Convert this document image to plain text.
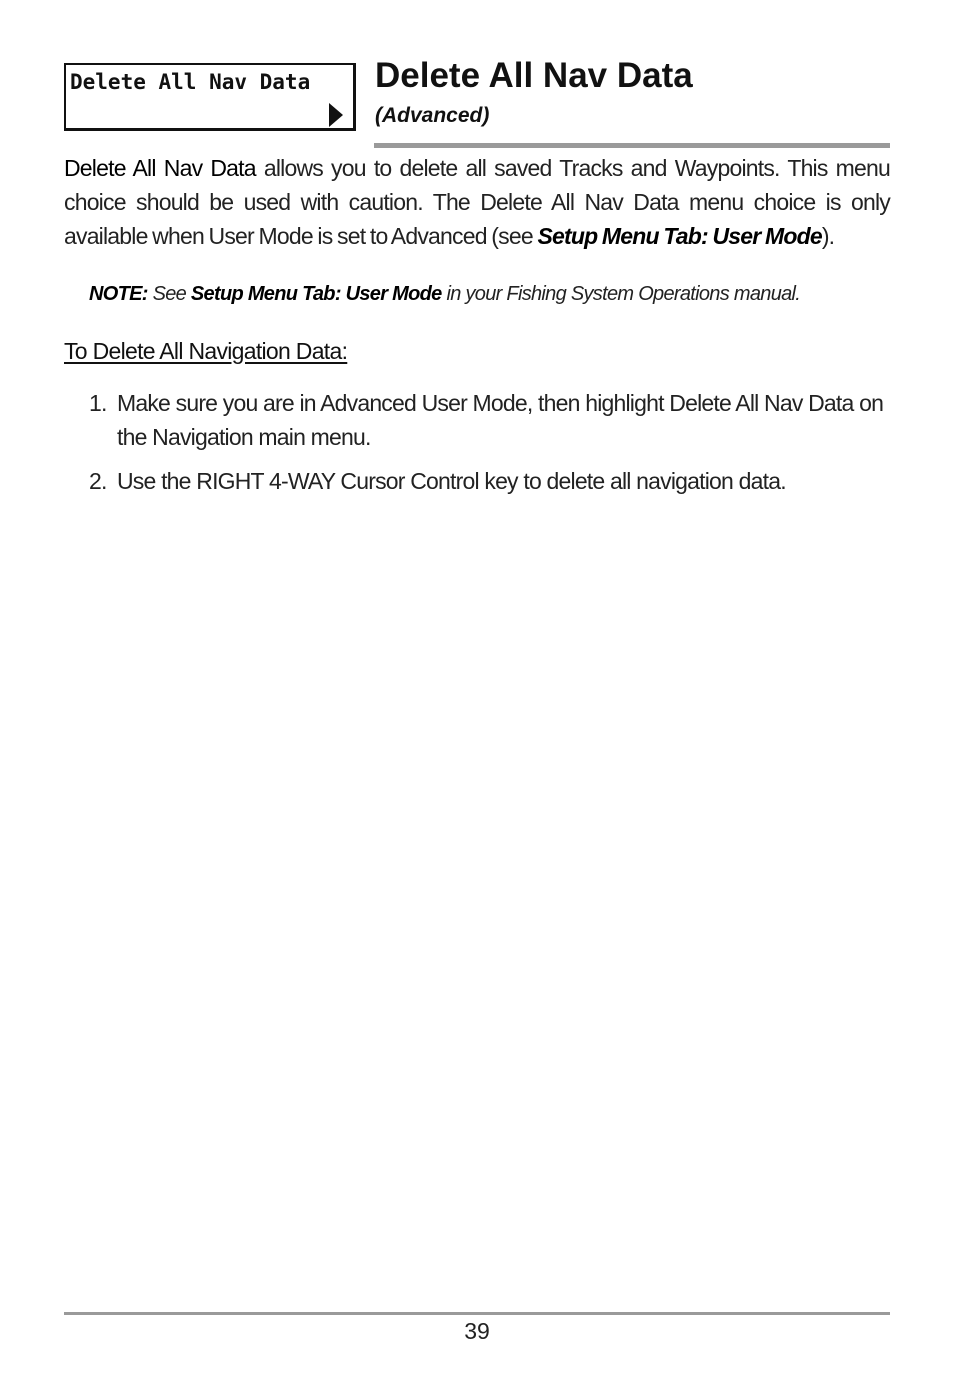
Delete All Nav Data Delete All Nav Data
(Advanced)

Delete All Nav Data allows you to delete all saved Tracks and Waypoints. This menu choice should be used with caution. The Delete All Nav Data menu choice is only available when User Mode is set to Advanced (see Setup Menu Tab: User Mode).

NOTE: See Setup Menu Tab: User Mode in your Fishing System Operations manual.

To Delete All Navigation Data:
1. Make sure you are in Advanced User Mode, then highlight Delete All Nav Data on the Navigation main menu.
2. Use the RIGHT 4-WAY Cursor Control key to delete all navigation data.
39
